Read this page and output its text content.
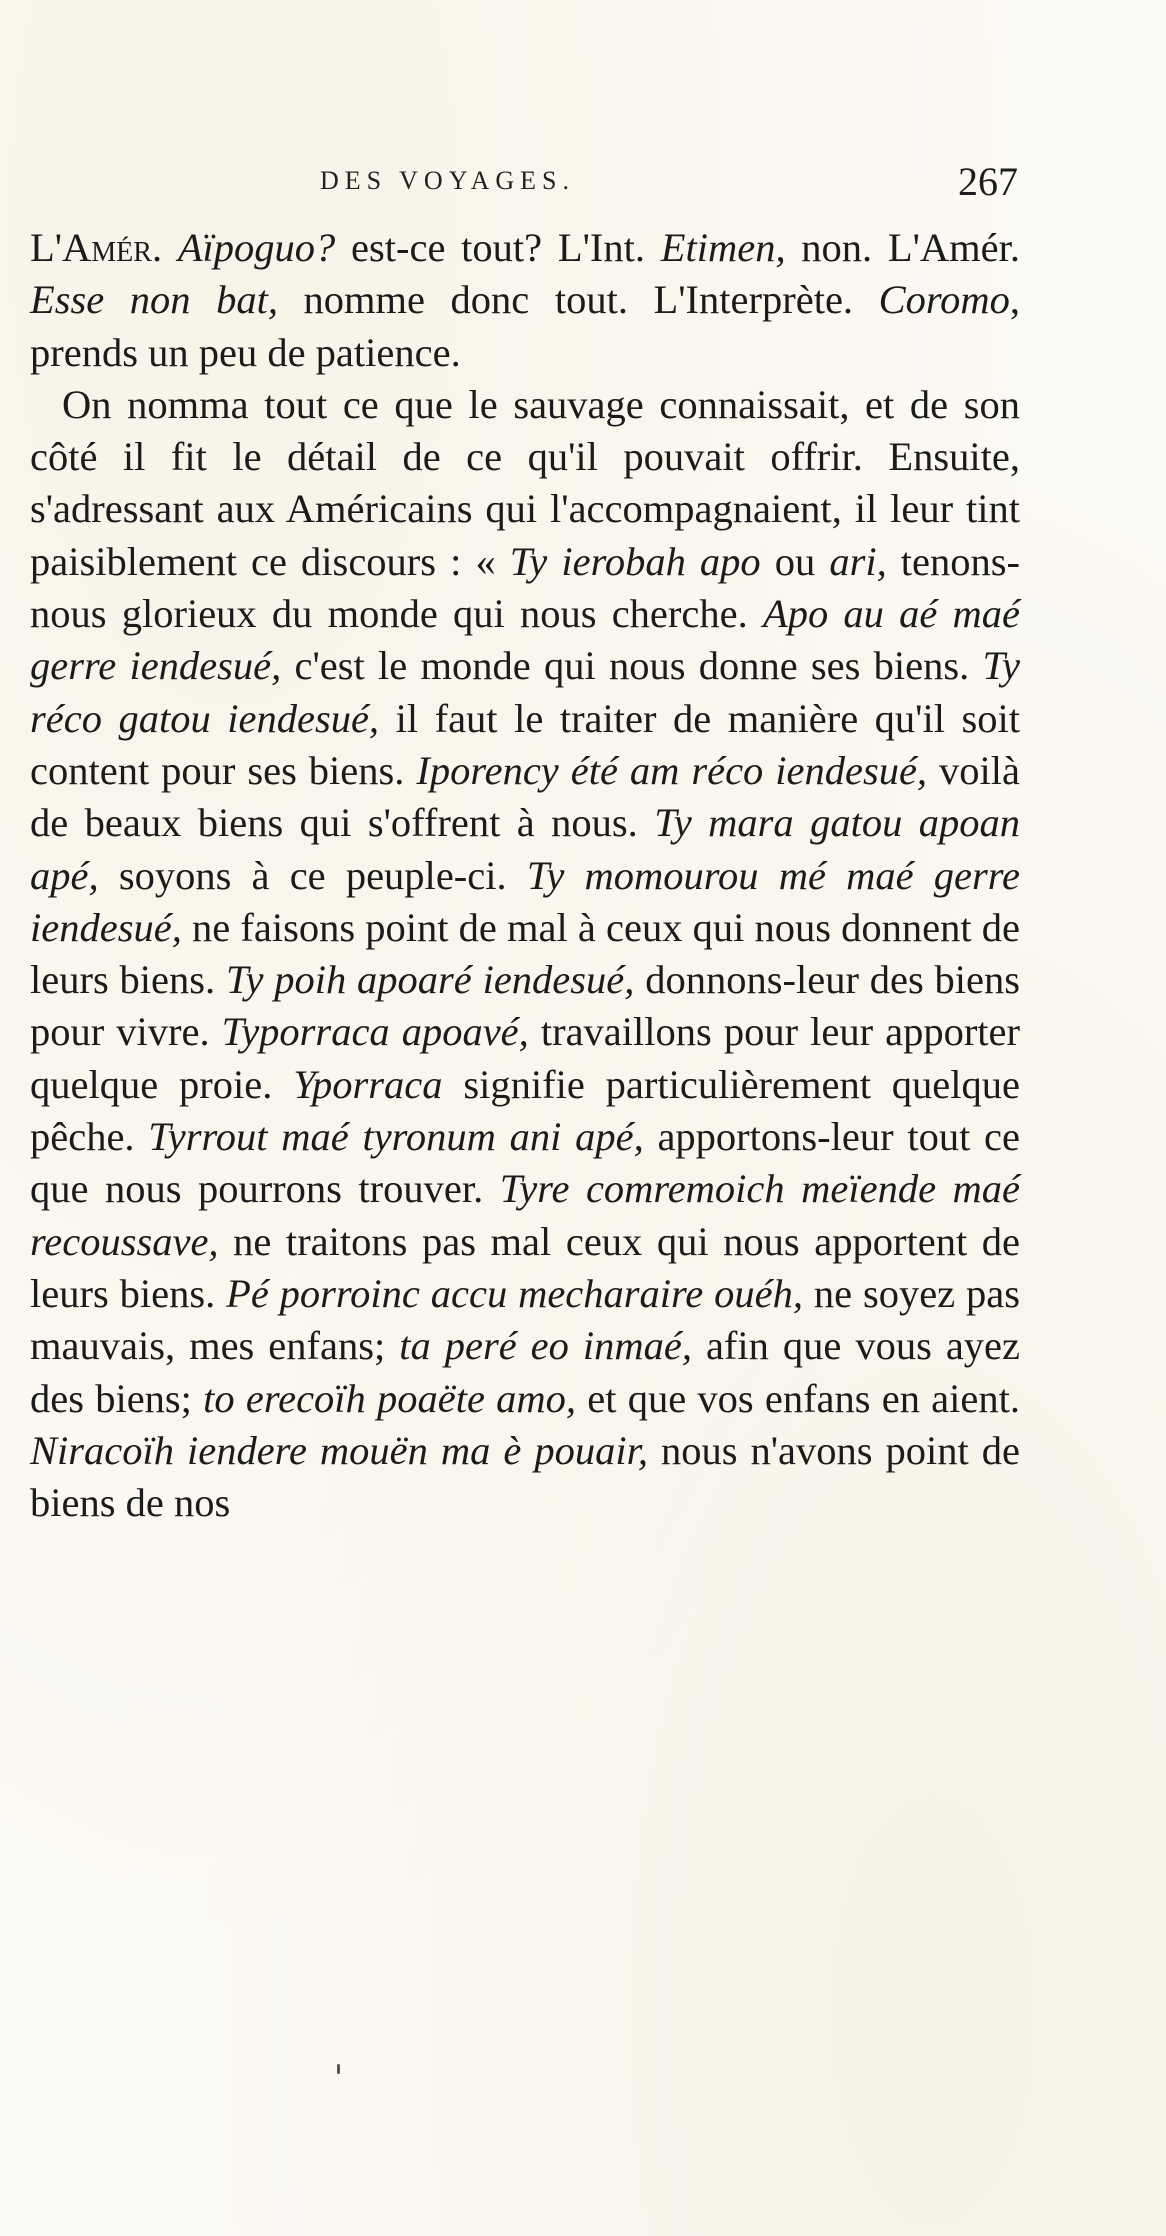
DES VOYAGES.	267

L'Amér. Aïpoguo? est-ce tout? L'Int. Etimen, non. L'Amér. Esse non bat, nomme donc tout. L'Interprète. Coromo, prends un peu de patience.

On nomma tout ce que le sauvage connaissait, et de son côté il fit le détail de ce qu'il pouvait offrir. Ensuite, s'adressant aux Américains qui l'accompagnaient, il leur tint paisiblement ce discours : « Ty ierobah apo ou ari, tenons-nous glorieux du monde qui nous cherche. Apo au aé maé gerre iendesué, c'est le monde qui nous donne ses biens. Ty réco gatou iendesué, il faut le traiter de manière qu'il soit content pour ses biens. Iporency été am réco iendesué, voilà de beaux biens qui s'offrent à nous. Ty mara gatou apoan apé, soyons à ce peuple-ci. Ty momourou mé maé gerre iendesué, ne faisons point de mal à ceux qui nous donnent de leurs biens. Ty poih apoaré iendesué, donnons-leur des biens pour vivre. Typorraca apoavé, travaillons pour leur apporter quelque proie. Yporraca signifie particulièrement quelque pêche. Tyrrout maé tyronum ani apé, apportons-leur tout ce que nous pourrons trouver. Tyre comremoich meïende maé recoussave, ne traitons pas mal ceux qui nous apportent de leurs biens. Pé porroinc accu mecharaire ouéh, ne soyez pas mauvais, mes enfans; ta peré eo inmaé, afin que vous ayez des biens; to erecoïh poaëte amo, et que vos enfans en aient. Niracoïh iendere mouën ma è pouair, nous n'avons point de biens de nos
